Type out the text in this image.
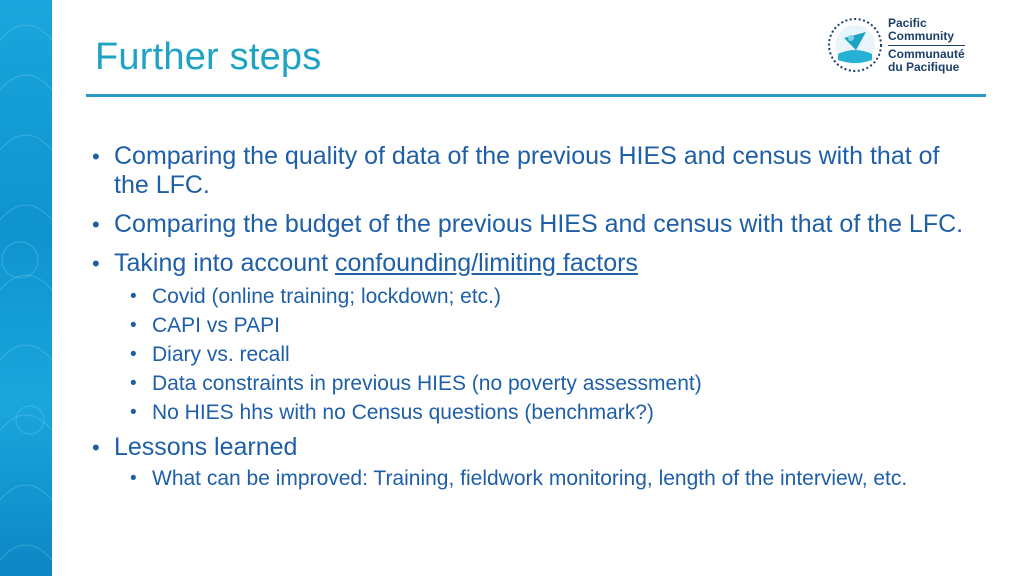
Further steps
Pacific
Community
Communauté
du Pacifique
• Comparing the quality of data of the previous HIES and census with that of the LFC.
• Comparing the budget of the previous HIES and census with that of the LFC.
• Taking into account confounding/limiting factors
• Covid (online training; lockdown; etc.)
• CAPI vs PAPI
• Diary vs. recall
• Data constraints in previous HIES (no poverty assessment)
• No HIES hhs with no Census questions (benchmark?)
• Lessons learned
• What can be improved: Training, fieldwork monitoring, length of the interview, etc.
